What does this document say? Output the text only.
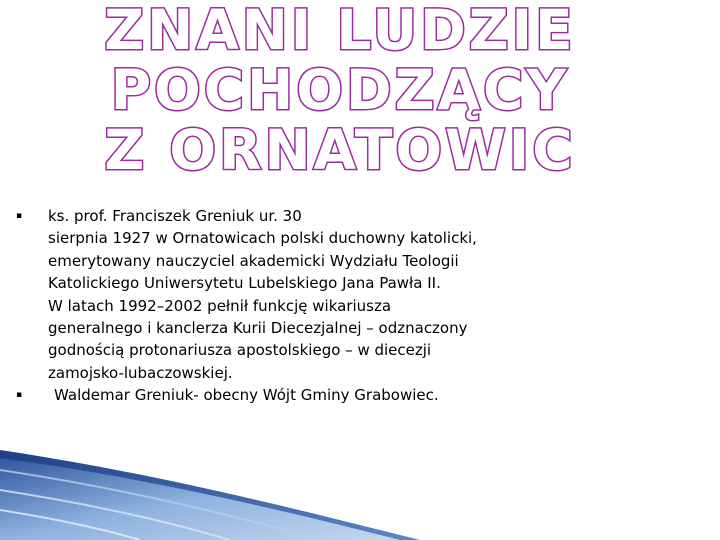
ZNANI LUDZIE
POCHODZĄCY
Z ORNATOWIC
▪ ks. prof. Franciszek Greniuk ur. 30
sierpnia 1927 w Ornatowicach polski duchowny katolicki,
emerytowany nauczyciel akademicki Wydziału Teologii
Katolickiego Uniwersytetu Lubelskiego Jana Pawła II.
W latach 1992–2002 pełnił funkcję wikariusza
generalnego i kanclerza Kurii Diecezjalnej – odznaczony
godnością protonariusza apostolskiego – w diecezji
zamojsko-lubaczowskiej.
▪	Waldemar Greniuk- obecny Wójt Gminy Grabowiec.
